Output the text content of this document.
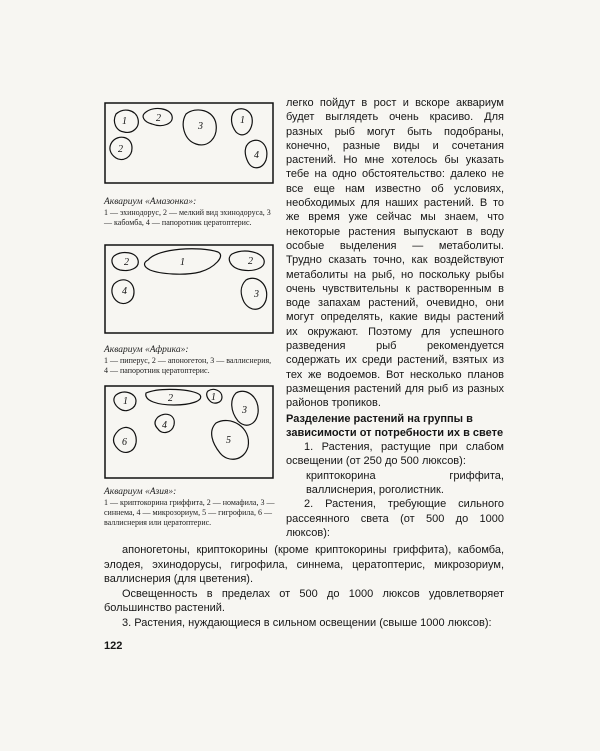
1	2
3
1
2
4
Аквариум «Амазонка»:
1 — эхинодорус, 2 — мелкий вид эхинодоруса, 3 — кабомба, 4 — папоротник цератоптерис.
2	1	2
4	3
Аквариум «Африка»:
1 — пиперус, 2 — апоногетон, 3 — валлиснерия, 4 — папоротник цератоптерис.
1	2	1
3
4
5
6
Аквариум «Азия»:
1 — криптокорина гриффита, 2 — номафила, 3 — синнема, 4 — микрозориум, 5 — гигрофила, 6 — валлиснерия или цератоптерис.

легко пойдут в рост и вскоре аквариум будет выглядеть очень красиво. Для разных рыб могут быть подобраны, конечно, разные виды и сочетания растений. Но мне хотелось бы указать тебе на одно обстоятельство: далеко не все еще нам известно об условиях, необходимых для наших растений. В то же время уже сейчас мы знаем, что некоторые растения выпускают в воду особые выделения — метаболиты. Трудно сказать точно, как воздействуют метаболиты на рыб, но поскольку рыбы очень чувствительны к растворенным в воде запахам растений, очевидно, они могут определять, какие виды растений их окружают. Поэтому для успешного разведения рыб рекомендуется содержать их среди растений, взятых из тех же водоемов. Вот несколько планов размещения растений для рыб из разных районов тропиков.

Разделение растений на группы в зависимости от потребности их в свете

1. Растения, растущие при слабом освещении (от 250 до 500 люксов):

криптокорина гриффита, валлиснерия, роголистник.

2. Растения, требующие сильного рассеянного света (от 500 до 1000 люксов):

апоногетоны, криптокорины (кроме криптокорины гриффита), кабомба, элодея, эхинодорусы, гигрофила, синнема, цератоптерис, микрозориум, валлиснерия (для цветения).

Освещенность в пределах от 500 до 1000 люксов удовлетворяет большинство растений.

3. Растения, нуждающиеся в сильном освещении (свыше 1000 люксов):

122
